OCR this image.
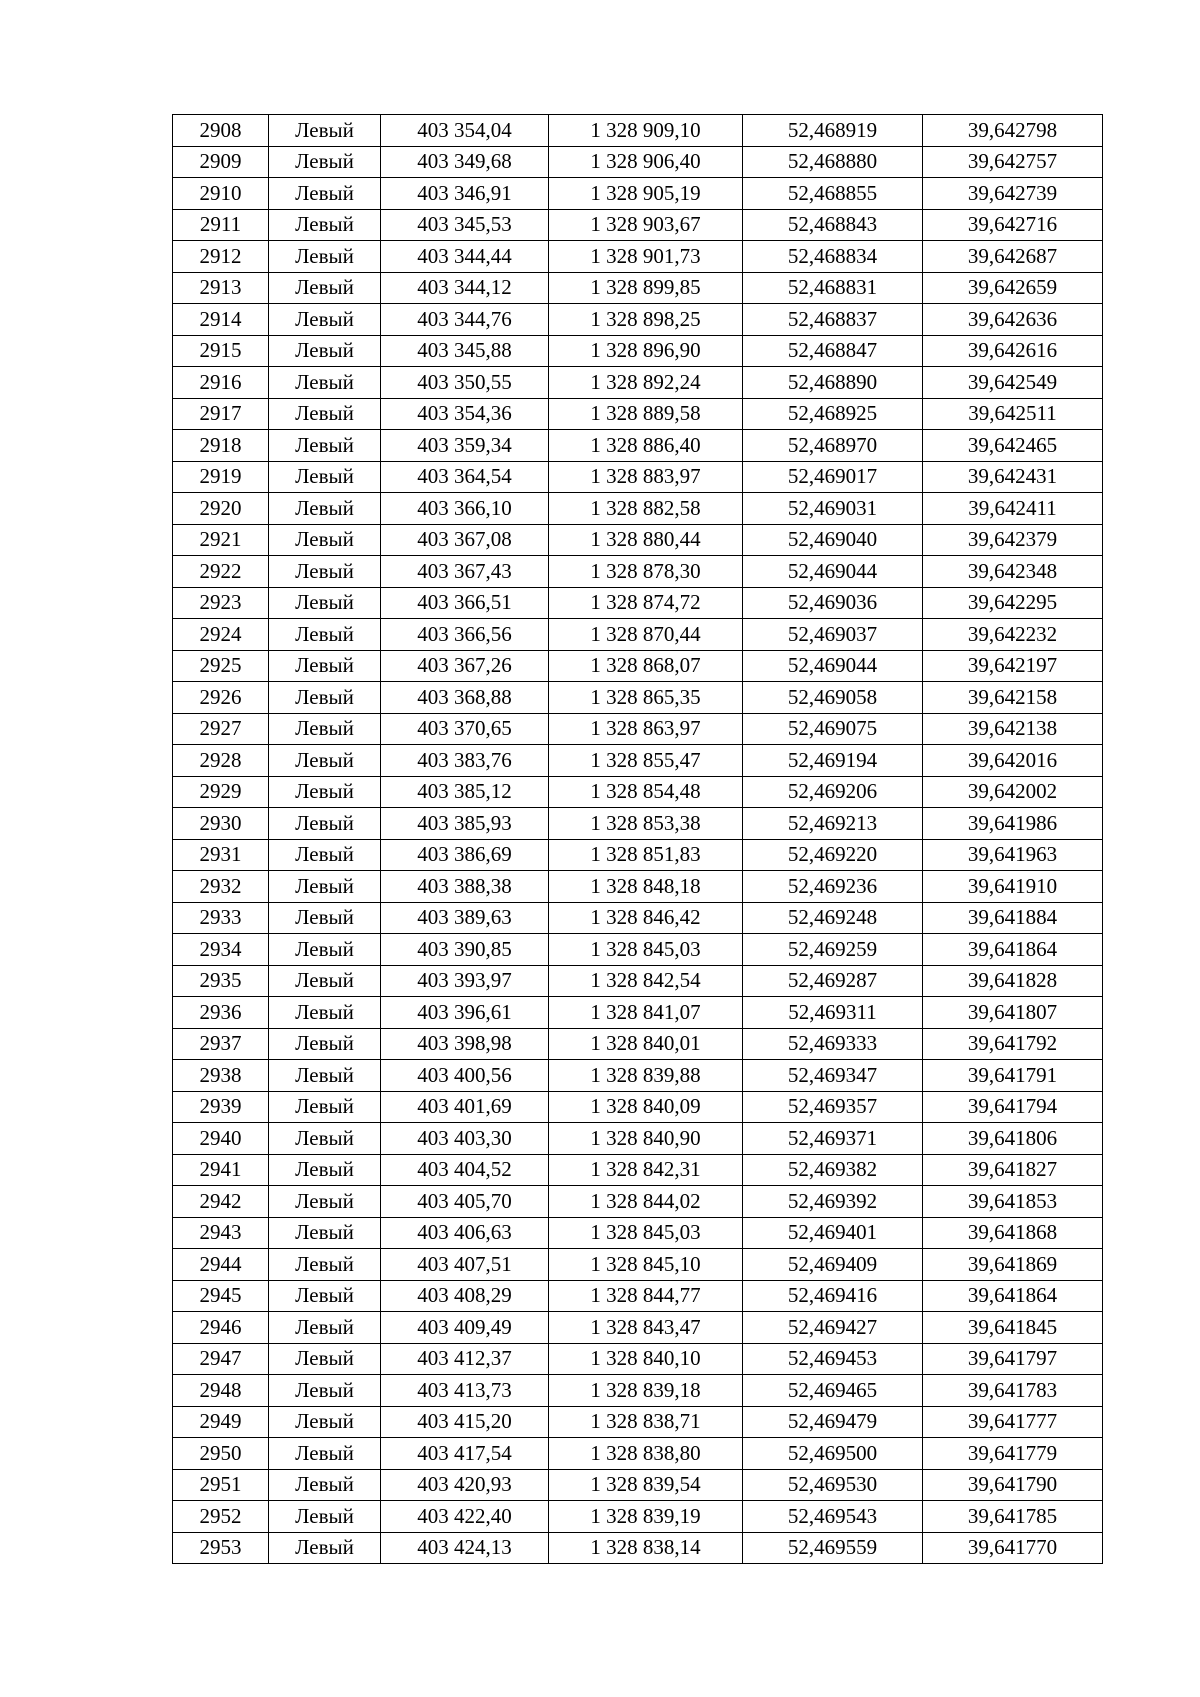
2908	Левый	403 354,04	1 328 909,10	52,468919	39,642798
2909	Левый	403 349,68	1 328 906,40	52,468880	39,642757
2910	Левый	403 346,91	1 328 905,19	52,468855	39,642739
2911	Левый	403 345,53	1 328 903,67	52,468843	39,642716
2912	Левый	403 344,44	1 328 901,73	52,468834	39,642687
2913	Левый	403 344,12	1 328 899,85	52,468831	39,642659
2914	Левый	403 344,76	1 328 898,25	52,468837	39,642636
2915	Левый	403 345,88	1 328 896,90	52,468847	39,642616
2916	Левый	403 350,55	1 328 892,24	52,468890	39,642549
2917	Левый	403 354,36	1 328 889,58	52,468925	39,642511
2918	Левый	403 359,34	1 328 886,40	52,468970	39,642465
2919	Левый	403 364,54	1 328 883,97	52,469017	39,642431
2920	Левый	403 366,10	1 328 882,58	52,469031	39,642411
2921	Левый	403 367,08	1 328 880,44	52,469040	39,642379
2922	Левый	403 367,43	1 328 878,30	52,469044	39,642348
2923	Левый	403 366,51	1 328 874,72	52,469036	39,642295
2924	Левый	403 366,56	1 328 870,44	52,469037	39,642232
2925	Левый	403 367,26	1 328 868,07	52,469044	39,642197
2926	Левый	403 368,88	1 328 865,35	52,469058	39,642158
2927	Левый	403 370,65	1 328 863,97	52,469075	39,642138
2928	Левый	403 383,76	1 328 855,47	52,469194	39,642016
2929	Левый	403 385,12	1 328 854,48	52,469206	39,642002
2930	Левый	403 385,93	1 328 853,38	52,469213	39,641986
2931	Левый	403 386,69	1 328 851,83	52,469220	39,641963
2932	Левый	403 388,38	1 328 848,18	52,469236	39,641910
2933	Левый	403 389,63	1 328 846,42	52,469248	39,641884
2934	Левый	403 390,85	1 328 845,03	52,469259	39,641864
2935	Левый	403 393,97	1 328 842,54	52,469287	39,641828
2936	Левый	403 396,61	1 328 841,07	52,469311	39,641807
2937	Левый	403 398,98	1 328 840,01	52,469333	39,641792
2938	Левый	403 400,56	1 328 839,88	52,469347	39,641791
2939	Левый	403 401,69	1 328 840,09	52,469357	39,641794
2940	Левый	403 403,30	1 328 840,90	52,469371	39,641806
2941	Левый	403 404,52	1 328 842,31	52,469382	39,641827
2942	Левый	403 405,70	1 328 844,02	52,469392	39,641853
2943	Левый	403 406,63	1 328 845,03	52,469401	39,641868
2944	Левый	403 407,51	1 328 845,10	52,469409	39,641869
2945	Левый	403 408,29	1 328 844,77	52,469416	39,641864
2946	Левый	403 409,49	1 328 843,47	52,469427	39,641845
2947	Левый	403 412,37	1 328 840,10	52,469453	39,641797
2948	Левый	403 413,73	1 328 839,18	52,469465	39,641783
2949	Левый	403 415,20	1 328 838,71	52,469479	39,641777
2950	Левый	403 417,54	1 328 838,80	52,469500	39,641779
2951	Левый	403 420,93	1 328 839,54	52,469530	39,641790
2952	Левый	403 422,40	1 328 839,19	52,469543	39,641785
2953	Левый	403 424,13	1 328 838,14	52,469559	39,641770
